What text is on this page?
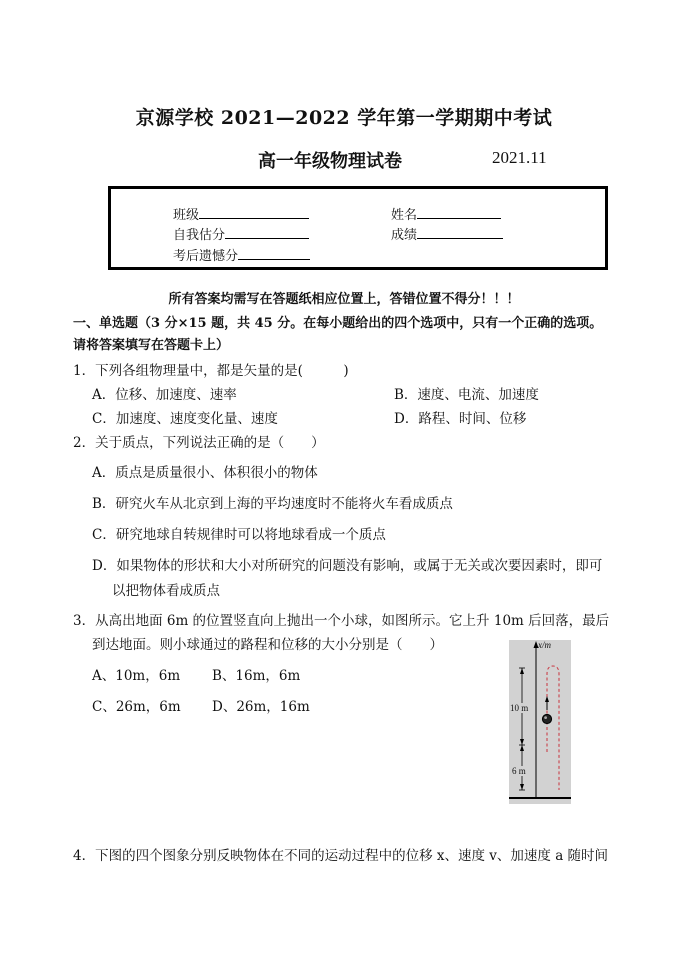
京源学校 2021—2022 学年第一学期期中考试
高一年级物理试卷	2021.11
班级	姓名
自我估分	成绩
考后遗憾分
所有答案均需写在答题纸相应位置上，答错位置不得分！！！
一、单选题（3 分×15 题，共 45 分。在每小题给出的四个选项中，只有一个正确的选项。
请将答案填写在答题卡上）
1．下列各组物理量中，都是矢量的是(　　　)
A．位移、加速度、速率	B．速度、电流、加速度
C．加速度、速度变化量、速度	D．路程、时间、位移
2．关于质点，下列说法正确的是（　　）
A．质点是质量很小、体积很小的物体
B．研究火车从北京到上海的平均速度时不能将火车看成质点
C．研究地球自转规律时可以将地球看成一个质点
D．如果物体的形状和大小对所研究的问题没有影响，或属于无关或次要因素时，即可
以把物体看成质点
3．从高出地面 6m 的位置竖直向上抛出一个小球，如图所示。它上升 10m 后回落，最后
到达地面。则小球通过的路程和位移的大小分别是（　　）
A、10m，6m B、16m，6m
C、26m，6m D、26m，16m
x/m
10 m
6 m
4．下图的四个图象分别反映物体在不同的运动过程中的位移 x、速度 v、加速度 a 随时间
